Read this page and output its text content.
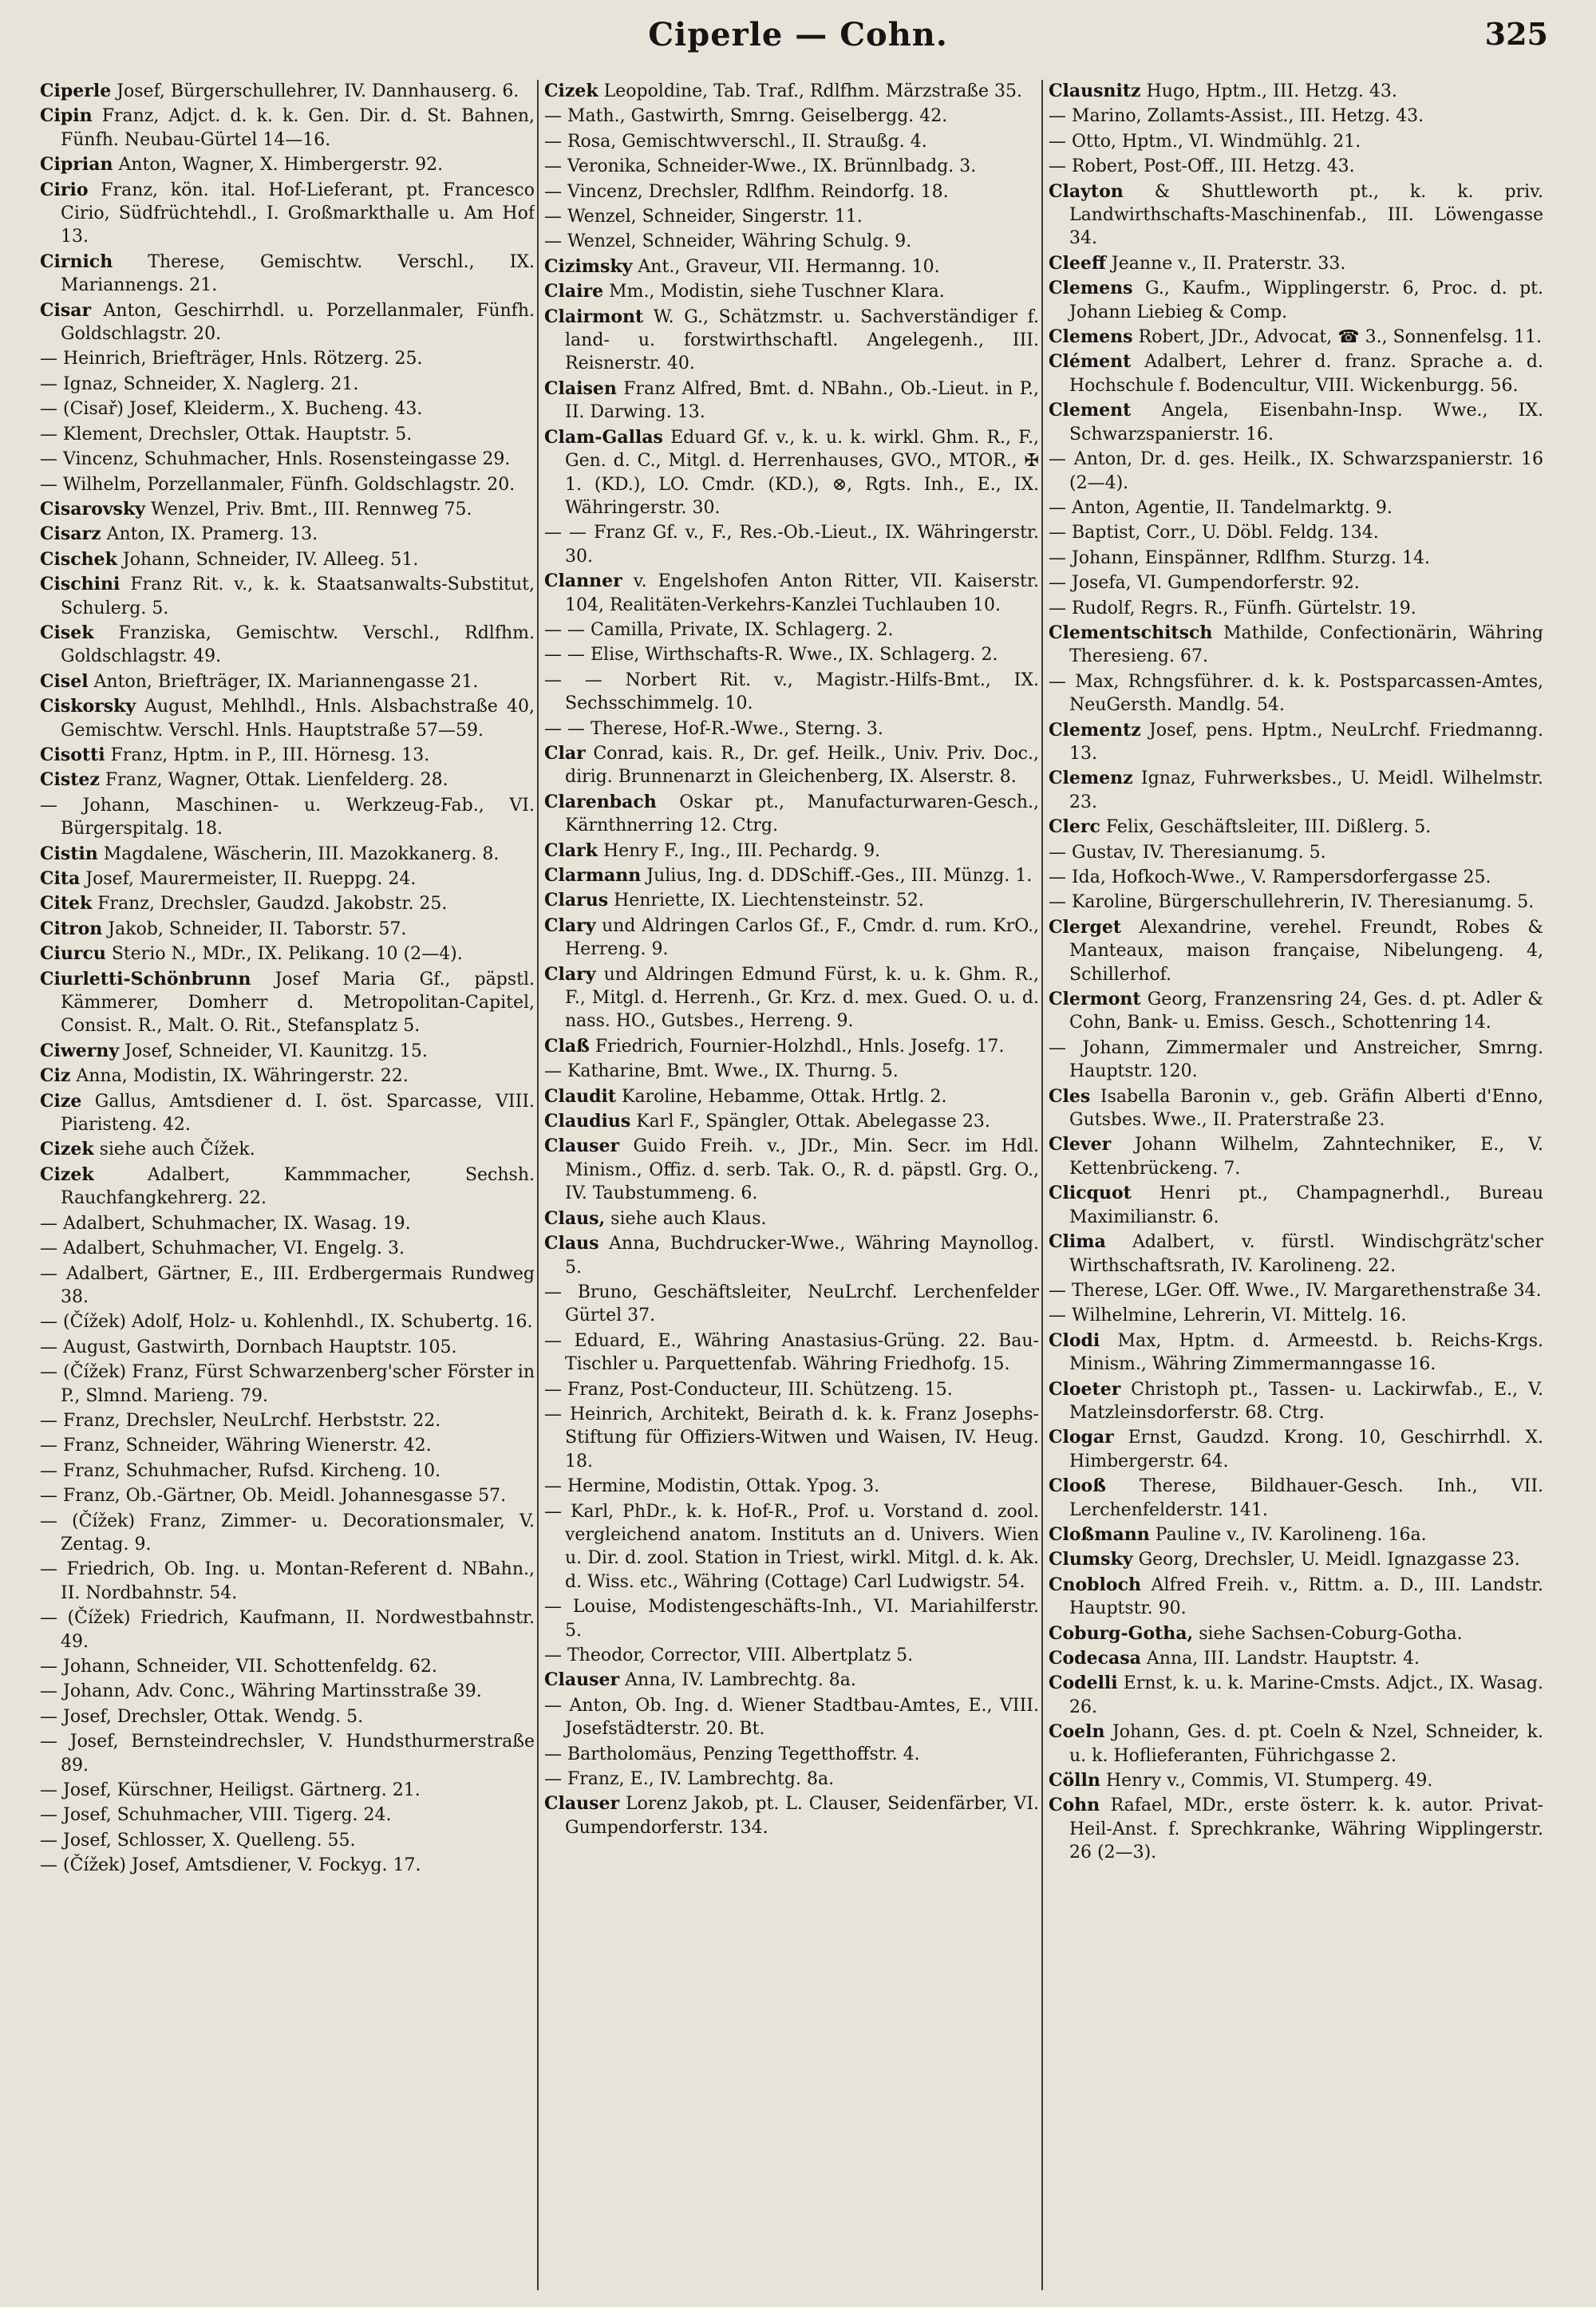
Ciperle — Cohn.	325
Ciperle Josef, Bürgerschullehrer, IV. Dannhauserg. 6.
Cipin Franz, Adjct. d. k. k. Gen. Dir. d. St. Bahnen, Fünfh. Neubau-Gürtel 14—16.
Ciprian Anton, Wagner, X. Himbergerstr. 92.
Cirio Franz, kön. ital. Hof-Lieferant, pt. Francesco Cirio, Südfrüchtehdl., I. Großmarkthalle u. Am Hof 13.
Cirnich Therese, Gemischtw. Verschl., IX. Mariannengs. 21.
Cisar Anton, Geschirrhdl. u. Porzellanmaler, Fünfh. Goldschlagstr. 20.
— Heinrich, Briefträger, Hnls. Rötzerg. 25.
— Ignaz, Schneider, X. Naglerg. 21.
— (Cisař) Josef, Kleiderm., X. Bucheng. 43.
— Klement, Drechsler, Ottak. Hauptstr. 5.
— Vincenz, Schuhmacher, Hnls. Rosensteingasse 29.
— Wilhelm, Porzellanmaler, Fünfh. Goldschlagstr. 20.
Cisarovsky Wenzel, Priv. Bmt., III. Rennweg 75.
Cisarz Anton, IX. Pramerg. 13.
Cischek Johann, Schneider, IV. Alleeg. 51.
Cischini Franz Rit. v., k. k. Staatsanwalts-Substitut, Schulerg. 5.
Cisek Franziska, Gemischtw. Verschl., Rdlfhm. Goldschlagstr. 49.
Cisel Anton, Briefträger, IX. Mariannengasse 21.
Ciskorsky August, Mehlhdl., Hnls. Alsbachstraße 40, Gemischtw. Verschl. Hnls. Hauptstraße 57—59.
Cisotti Franz, Hptm. in P., III. Hörnesg. 13.
Cistez Franz, Wagner, Ottak. Lienfelderg. 28.
— Johann, Maschinen- u. Werkzeug-Fab., VI. Bürgerspitalg. 18.
Cistin Magdalene, Wäscherin, III. Mazokkanerg. 8.
Cita Josef, Maurermeister, II. Rueppg. 24.
Citek Franz, Drechsler, Gaudzd. Jakobstr. 25.
Citron Jakob, Schneider, II. Taborstr. 57.
Ciurcu Sterio N., MDr., IX. Pelikang. 10 (2—4).
Ciurletti-Schönbrunn Josef Maria Gf., päpstl. Kämmerer, Domherr d. Metropolitan-Capitel, Consist. R., Malt. O. Rit., Stefansplatz 5.
Ciwerny Josef, Schneider, VI. Kaunitzg. 15.
Ciz Anna, Modistin, IX. Währingerstr. 22.
Cize Gallus, Amtsdiener d. I. öst. Sparcasse, VIII. Piaristeng. 42.
Cizek siehe auch Čížek.
Cizek	Adalbert, Kammmacher, Sechsh. Rauchfangkehrerg. 22.
— Adalbert, Schuhmacher, IX. Wasag. 19.
— Adalbert, Schuhmacher, VI. Engelg. 3.
— Adalbert, Gärtner, E., III. Erdbergermais Rundweg 38.
— (Čížek) Adolf, Holz- u. Kohlenhdl., IX. Schubertg. 16.
— August, Gastwirth, Dornbach Hauptstr. 105.
— (Čížek) Franz, Fürst Schwarzenberg'scher Förster in P., Slmnd. Marieng. 79.
— Franz, Drechsler, NeuLrchf. Herbststr. 22.
— Franz, Schneider, Währing Wienerstr. 42.
— Franz, Schuhmacher, Rufsd. Kircheng. 10.
— Franz, Ob.-Gärtner, Ob. Meidl. Johannesgasse 57.
— (Čížek) Franz, Zimmer- u. Decorationsmaler, V. Zentag. 9.
— Friedrich, Ob. Ing. u. Montan-Referent d. NBahn., II. Nordbahnstr. 54.
— (Čížek) Friedrich, Kaufmann, II. Nordwestbahnstr. 49.
— Johann, Schneider, VII. Schottenfeldg. 62.
— Johann, Adv. Conc., Währing Martinsstraße 39.
— Josef, Drechsler, Ottak. Wendg. 5.
— Josef, Bernsteindrechsler, V. Hundsthurmerstraße 89.
— Josef, Kürschner, Heiligst. Gärtnerg. 21.
— Josef, Schuhmacher, VIII. Tigerg. 24.
— Josef, Schlosser, X. Quelleng. 55.
— (Čížek) Josef, Amtsdiener, V. Fockyg. 17.
Cizek Leopoldine, Tab. Traf., Rdlfhm. Märzstraße 35.
— Math., Gastwirth, Smrng. Geiselbergg. 42.
— Rosa, Gemischtwverschl., II. Straußg. 4.
— Veronika, Schneider-Wwe., IX. Brünnlbadg. 3.
— Vincenz, Drechsler, Rdlfhm. Reindorfg. 18.
— Wenzel, Schneider, Singerstr. 11.
— Wenzel, Schneider, Währing Schulg. 9.
Cizimsky Ant., Graveur, VII. Hermanng. 10.
Claire Mm., Modistin, siehe Tuschner Klara.
Clairmont W. G., Schätzmstr. u. Sachverständiger f. land- u. forstwirthschaftl. Angelegenh., III. Reisnerstr. 40.
Claisen Franz Alfred, Bmt. d. NBahn., Ob.-Lieut. in P., II. Darwing. 13.
Clam-Gallas Eduard Gf. v., k. u. k. wirkl. Ghm. R., F., Gen. d. C., Mitgl. d. Herrenhauses, GVO., MTOR., ✠ 1. (KD.), LO. Cmdr. (KD.), ⊗, Rgts. Inh., E., IX. Währingerstr. 30.
— — Franz Gf. v., F., Res.-Ob.-Lieut., IX. Währingerstr. 30.
Clanner v. Engelshofen Anton Ritter, VII. Kaiserstr. 104, Realitäten-Verkehrs-Kanzlei Tuchlauben 10.
— — Camilla, Private, IX. Schlagerg. 2.
— — Elise, Wirthschafts-R. Wwe., IX. Schlagerg. 2.
— — Norbert Rit. v., Magistr.-Hilfs-Bmt., IX. Sechsschimmelg. 10.
— — Therese, Hof-R.-Wwe., Sterng. 3.
Clar Conrad, kais. R., Dr. gef. Heilk., Univ. Priv. Doc., dirig. Brunnenarzt in Gleichenberg, IX. Alserstr. 8.
Clarenbach Oskar pt., Manufacturwaren-Gesch., Kärnthnerring 12. Ctrg.
Clark Henry F., Ing., III. Pechardg. 9.
Clarmann Julius, Ing. d. DDSchiff.-Ges., III. Münzg. 1.
Clarus Henriette, IX. Liechtensteinstr. 52.
Clary und Aldringen Carlos Gf., F., Cmdr. d. rum. KrO., Herreng. 9.
Clary und Aldringen Edmund Fürst, k. u. k. Ghm. R., F., Mitgl. d. Herrenh., Gr. Krz. d. mex. Gued. O. u. d. nass. HO., Gutsbes., Herreng. 9.
Claß Friedrich, Fournier-Holzhdl., Hnls. Josefg. 17.
— Katharine, Bmt. Wwe., IX. Thurng. 5.
Claudit Karoline, Hebamme, Ottak. Hrtlg. 2.
Claudius Karl F., Spängler, Ottak. Abelegasse 23.
Clauser Guido Freih. v., JDr., Min. Secr. im Hdl. Minism., Offiz. d. serb. Tak. O., R. d. päpstl. Grg. O., IV. Taubstummeng. 6.
Claus, siehe auch Klaus.
Claus Anna, Buchdrucker-Wwe., Währing Maynollog. 5.
— Bruno, Geschäftsleiter, NeuLrchf. Lerchenfelder Gürtel 37.
— Eduard, E., Währing Anastasius-Grüng. 22. Bau-Tischler u. Parquettenfab. Währing Friedhofg. 15.
— Franz, Post-Conducteur, III. Schützeng. 15.
— Heinrich, Architekt, Beirath d. k. k. Franz Josephs-Stiftung für Offiziers-Witwen und Waisen, IV. Heug. 18.
— Hermine, Modistin, Ottak. Ypog. 3.
— Karl, PhDr., k. k. Hof-R., Prof. u. Vorstand d. zool. vergleichend anatom. Instituts an d. Univers. Wien u. Dir. d. zool. Station in Triest, wirkl. Mitgl. d. k. Ak. d. Wiss. etc., Währing (Cottage) Carl Ludwigstr. 54.
— Louise, Modistengeschäfts-Inh., VI. Mariahilferstr. 5.
— Theodor, Corrector, VIII. Albertplatz 5.
Clauser Anna, IV. Lambrechtg. 8a.
— Anton, Ob. Ing. d. Wiener Stadtbau-Amtes, E., VIII. Josefstädterstr. 20. Bt.
— Bartholomäus, Penzing Tegetthoffstr. 4.
— Franz, E., IV. Lambrechtg. 8a.
Clauser Lorenz Jakob, pt. L. Clauser, Seidenfärber, VI. Gumpendorferstr. 134.
Clausnitz Hugo, Hptm., III. Hetzg. 43.
— Marino, Zollamts-Assist., III. Hetzg. 43.
— Otto, Hptm., VI. Windmühlg. 21.
— Robert, Post-Off., III. Hetzg. 43.
Clayton & Shuttleworth pt., k. k. priv. Landwirthschafts-Maschinenfab., III. Löwengasse 34.
Cleeff Jeanne v., II. Praterstr. 33.
Clemens G., Kaufm., Wipplingerstr. 6, Proc. d. pt. Johann Liebieg & Comp.
Clemens Robert, JDr., Advocat, ☎ 3., Sonnenfelsg. 11.
Clément Adalbert, Lehrer d. franz. Sprache a. d. Hochschule f. Bodencultur, VIII. Wickenburgg. 56.
Clement Angela, Eisenbahn-Insp. Wwe., IX. Schwarzspanierstr. 16.
— Anton, Dr. d. ges. Heilk., IX. Schwarzspanierstr. 16 (2—4).
— Anton, Agentie, II. Tandelmarktg. 9.
— Baptist, Corr., U. Döbl. Feldg. 134.
— Johann, Einspänner, Rdlfhm. Sturzg. 14.
— Josefa, VI. Gumpendorferstr. 92.
— Rudolf, Regrs. R., Fünfh. Gürtelstr. 19.
Clementschitsch Mathilde, Confectionärin, Währing Theresieng. 67.
— Max, Rchngsführer. d. k. k. Postsparcassen-Amtes, NeuGersth. Mandlg. 54.
Clementz Josef, pens. Hptm., NeuLrchf. Friedmanng. 13.
Clemenz Ignaz, Fuhrwerksbes., U. Meidl. Wilhelmstr. 23.
Clerc Felix, Geschäftsleiter, III. Dißlerg. 5.
— Gustav, IV. Theresianumg. 5.
— Ida, Hofkoch-Wwe., V. Rampersdorfergasse 25.
— Karoline, Bürgerschullehrerin, IV. Theresianumg. 5.
Clerget Alexandrine, verehel. Freundt, Robes & Manteaux, maison française, Nibelungeng. 4, Schillerhof.
Clermont Georg, Franzensring 24, Ges. d. pt. Adler & Cohn, Bank- u. Emiss. Gesch., Schottenring 14.
— Johann, Zimmermaler und Anstreicher, Smrng. Hauptstr. 120.
Cles Isabella Baronin v., geb. Gräfin Alberti d'Enno, Gutsbes. Wwe., II. Praterstraße 23.
Clever Johann Wilhelm, Zahntechniker, E., V. Kettenbrückeng. 7.
Clicquot Henri pt., Champagnerhdl., Bureau Maximilianstr. 6.
Clima Adalbert, v. fürstl. Windischgrätz'scher Wirthschaftsrath, IV. Karolineng. 22.
— Therese, LGer. Off. Wwe., IV. Margarethenstraße 34.
— Wilhelmine, Lehrerin, VI. Mittelg. 16.
Clodi Max, Hptm. d. Armeestd. b. Reichs-Krgs. Minism., Währing Zimmermanngasse 16.
Cloeter Christoph pt., Tassen- u. Lackirwfab., E., V. Matzleinsdorferstr. 68. Ctrg.
Clogar Ernst, Gaudzd. Krong. 10, Geschirrhdl. X. Himbergerstr. 64.
Clooß Therese, Bildhauer-Gesch. Inh., VII. Lerchenfelderstr. 141.
Cloßmann Pauline v., IV. Karolineng. 16a.
Clumsky Georg, Drechsler, U. Meidl. Ignazgasse 23.
Cnobloch Alfred Freih. v., Rittm. a. D., III. Landstr. Hauptstr. 90.
Coburg-Gotha, siehe Sachsen-Coburg-Gotha.
Codecasa Anna, III. Landstr. Hauptstr. 4.
Codelli Ernst, k. u. k. Marine-Cmsts. Adjct., IX. Wasag. 26.
Coeln Johann, Ges. d. pt. Coeln & Nzel, Schneider, k. u. k. Hoflieferanten, Führichgasse 2.
Cölln Henry v., Commis, VI. Stumperg. 49.
Cohn Rafael, MDr., erste österr. k. k. autor. Privat-Heil-Anst. f. Sprechkranke, Währing Wipplingerstr. 26 (2—3).
